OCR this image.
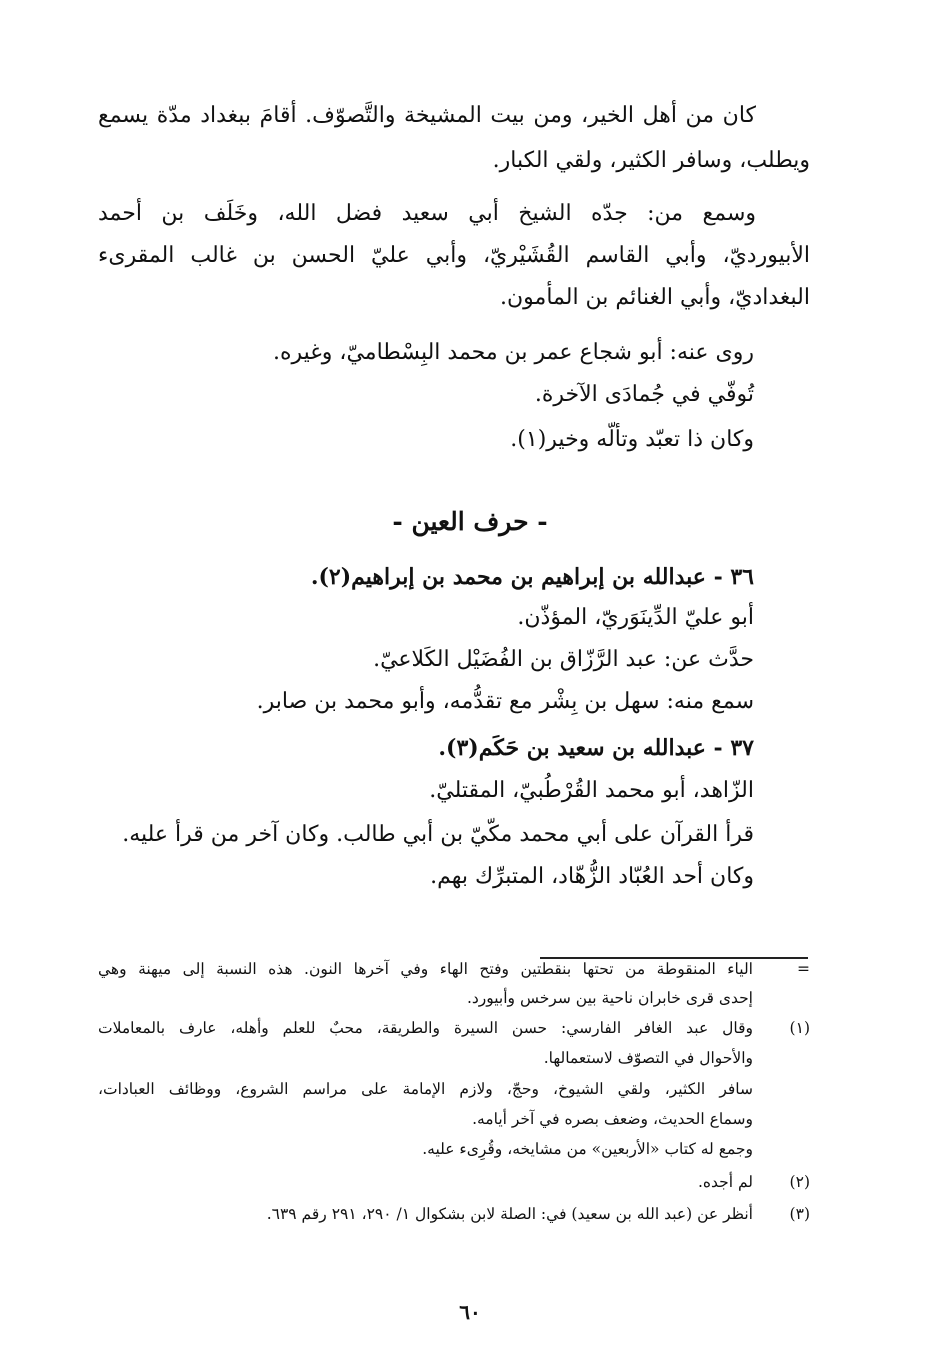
كان من أهل الخير، ومن بيت المشيخة والتَّصوّف. أقامَ ببغداد مدّة يسمع
ويطلب، وسافر الكثير، ولقي الكبار.
وسمع من: جدّه الشيخ أبي سعيد فضل الله، وخَلَف بن أحمد
الأبيورديّ، وأبي القاسم القُشَيْريّ، وأبي عليّ الحسن بن غالب المقرىء
البغداديّ، وأبي الغنائم بن المأمون.
روى عنه: أبو شجاع عمر بن محمد البِسْطاميّ، وغيره.
تُوفّي في جُمادَى الآخرة.
وكان ذا تعبّد وتألّه وخير(١).
- حرف العين -
٣٦ - عبدالله بن إبراهيم بن محمد بن إبراهيم(٢).
أبو عليّ الدِّينَوَريّ، المؤذّن.
حدَّث عن: عبد الرَّزّاق بن الفُضَيْل الكَلاعيّ.
سمع منه: سهل بن بِشْر مع تقدُّمه، وأبو محمد بن صابر.
٣٧ - عبدالله بن سعيد بن حَكَم(٣).
الزّاهد، أبو محمد القُرْطُبيّ، المقتليّ.
قرأ القرآن على أبي محمد مكّيّ بن أبي طالب. وكان آخر من قرأ عليه.
وكان أحد العُبّاد الزُّهّاد، المتبرِّك بهم.
=
الياء المنقوطة من تحتها بنقطتين وفتح الهاء وفي آخرها النون. هذه النسبة إلى ميهنة وهي
إحدى قرى خابران ناحية بين سرخس وأبيورد.
(١)
وقال عبد الغافر الفارسي: حسن السيرة والطريقة، محبٌ للعلم وأهله، عارف بالمعاملات
والأحوال في التصوّف لاستعمالها.
سافر الكثير، ولقي الشيوخ، وحجّ، ولازم الإمامة على مراسم الشروع، ووظائف العبادات،
وسماع الحديث، وضعف بصره في آخر أيامه.
وجمع له كتاب «الأربعين» من مشايخه، وقُرِىء عليه.
(٢)
لم أجده.
(٣)
أنظر عن (عبد الله بن سعيد) في: الصلة لابن بشكوال ١/ ٢٩٠، ٢٩١ رقم ٦٣٩.
٦٠
